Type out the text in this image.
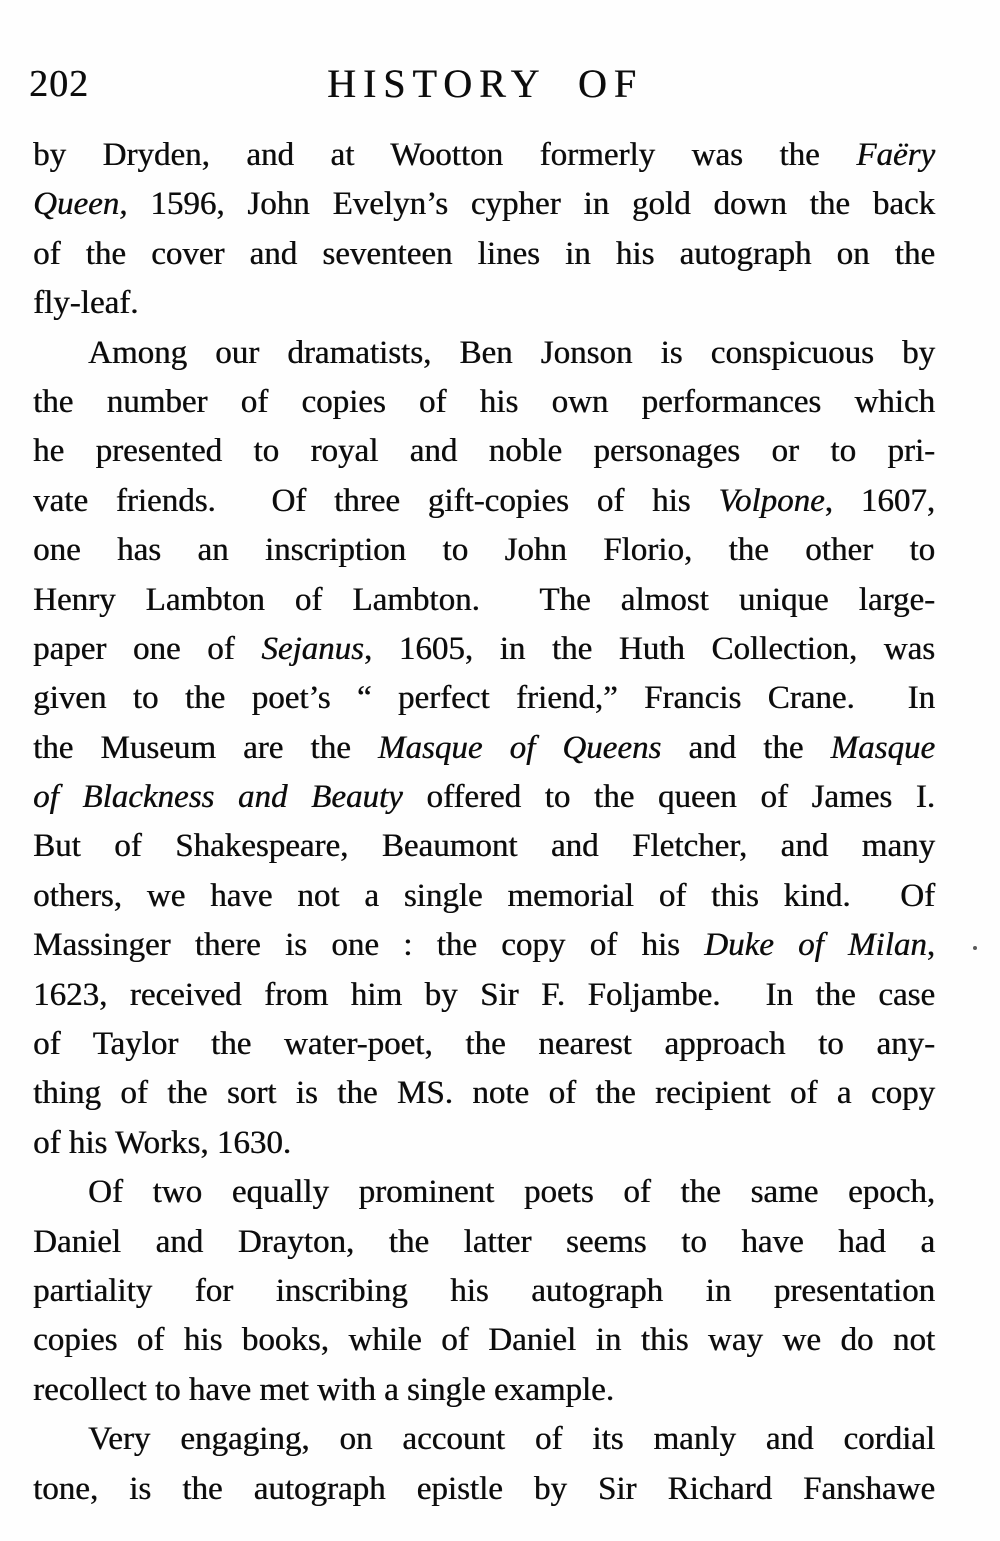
202	HISTORY OF
by Dryden, and at Wootton formerly was the Faëry
Queen, 1596, John Evelyn’s cypher in gold down the back
of the cover and seventeen lines in his autograph on the
fly-leaf.
Among our dramatists, Ben Jonson is conspicuous by
the number of copies of his own performances which
he presented to royal and noble personages or to pri-
vate friends.  Of three gift-copies of his Volpone, 1607,
one has an inscription to John Florio, the other to
Henry Lambton of Lambton.  The almost unique large-
paper one of Sejanus, 1605, in the Huth Collection, was
given to the poet’s “ perfect friend,” Francis Crane.  In
the Museum are the Masque of Queens and the Masque
of Blackness and Beauty offered to the queen of James I.
But of Shakespeare, Beaumont and Fletcher, and many
others, we have not a single memorial of this kind.  Of
Massinger there is one : the copy of his Duke of Milan,
1623, received from him by Sir F. Foljambe.  In the case
of Taylor the water-poet, the nearest approach to any-
thing of the sort is the MS. note of the recipient of a copy
of his Works, 1630.
Of two equally prominent poets of the same epoch,
Daniel and Drayton, the latter seems to have had a
partiality for inscribing his autograph in presentation
copies of his books, while of Daniel in this way we do not
recollect to have met with a single example.
Very engaging, on account of its manly and cordial
tone, is the autograph epistle by Sir Richard Fanshawe
